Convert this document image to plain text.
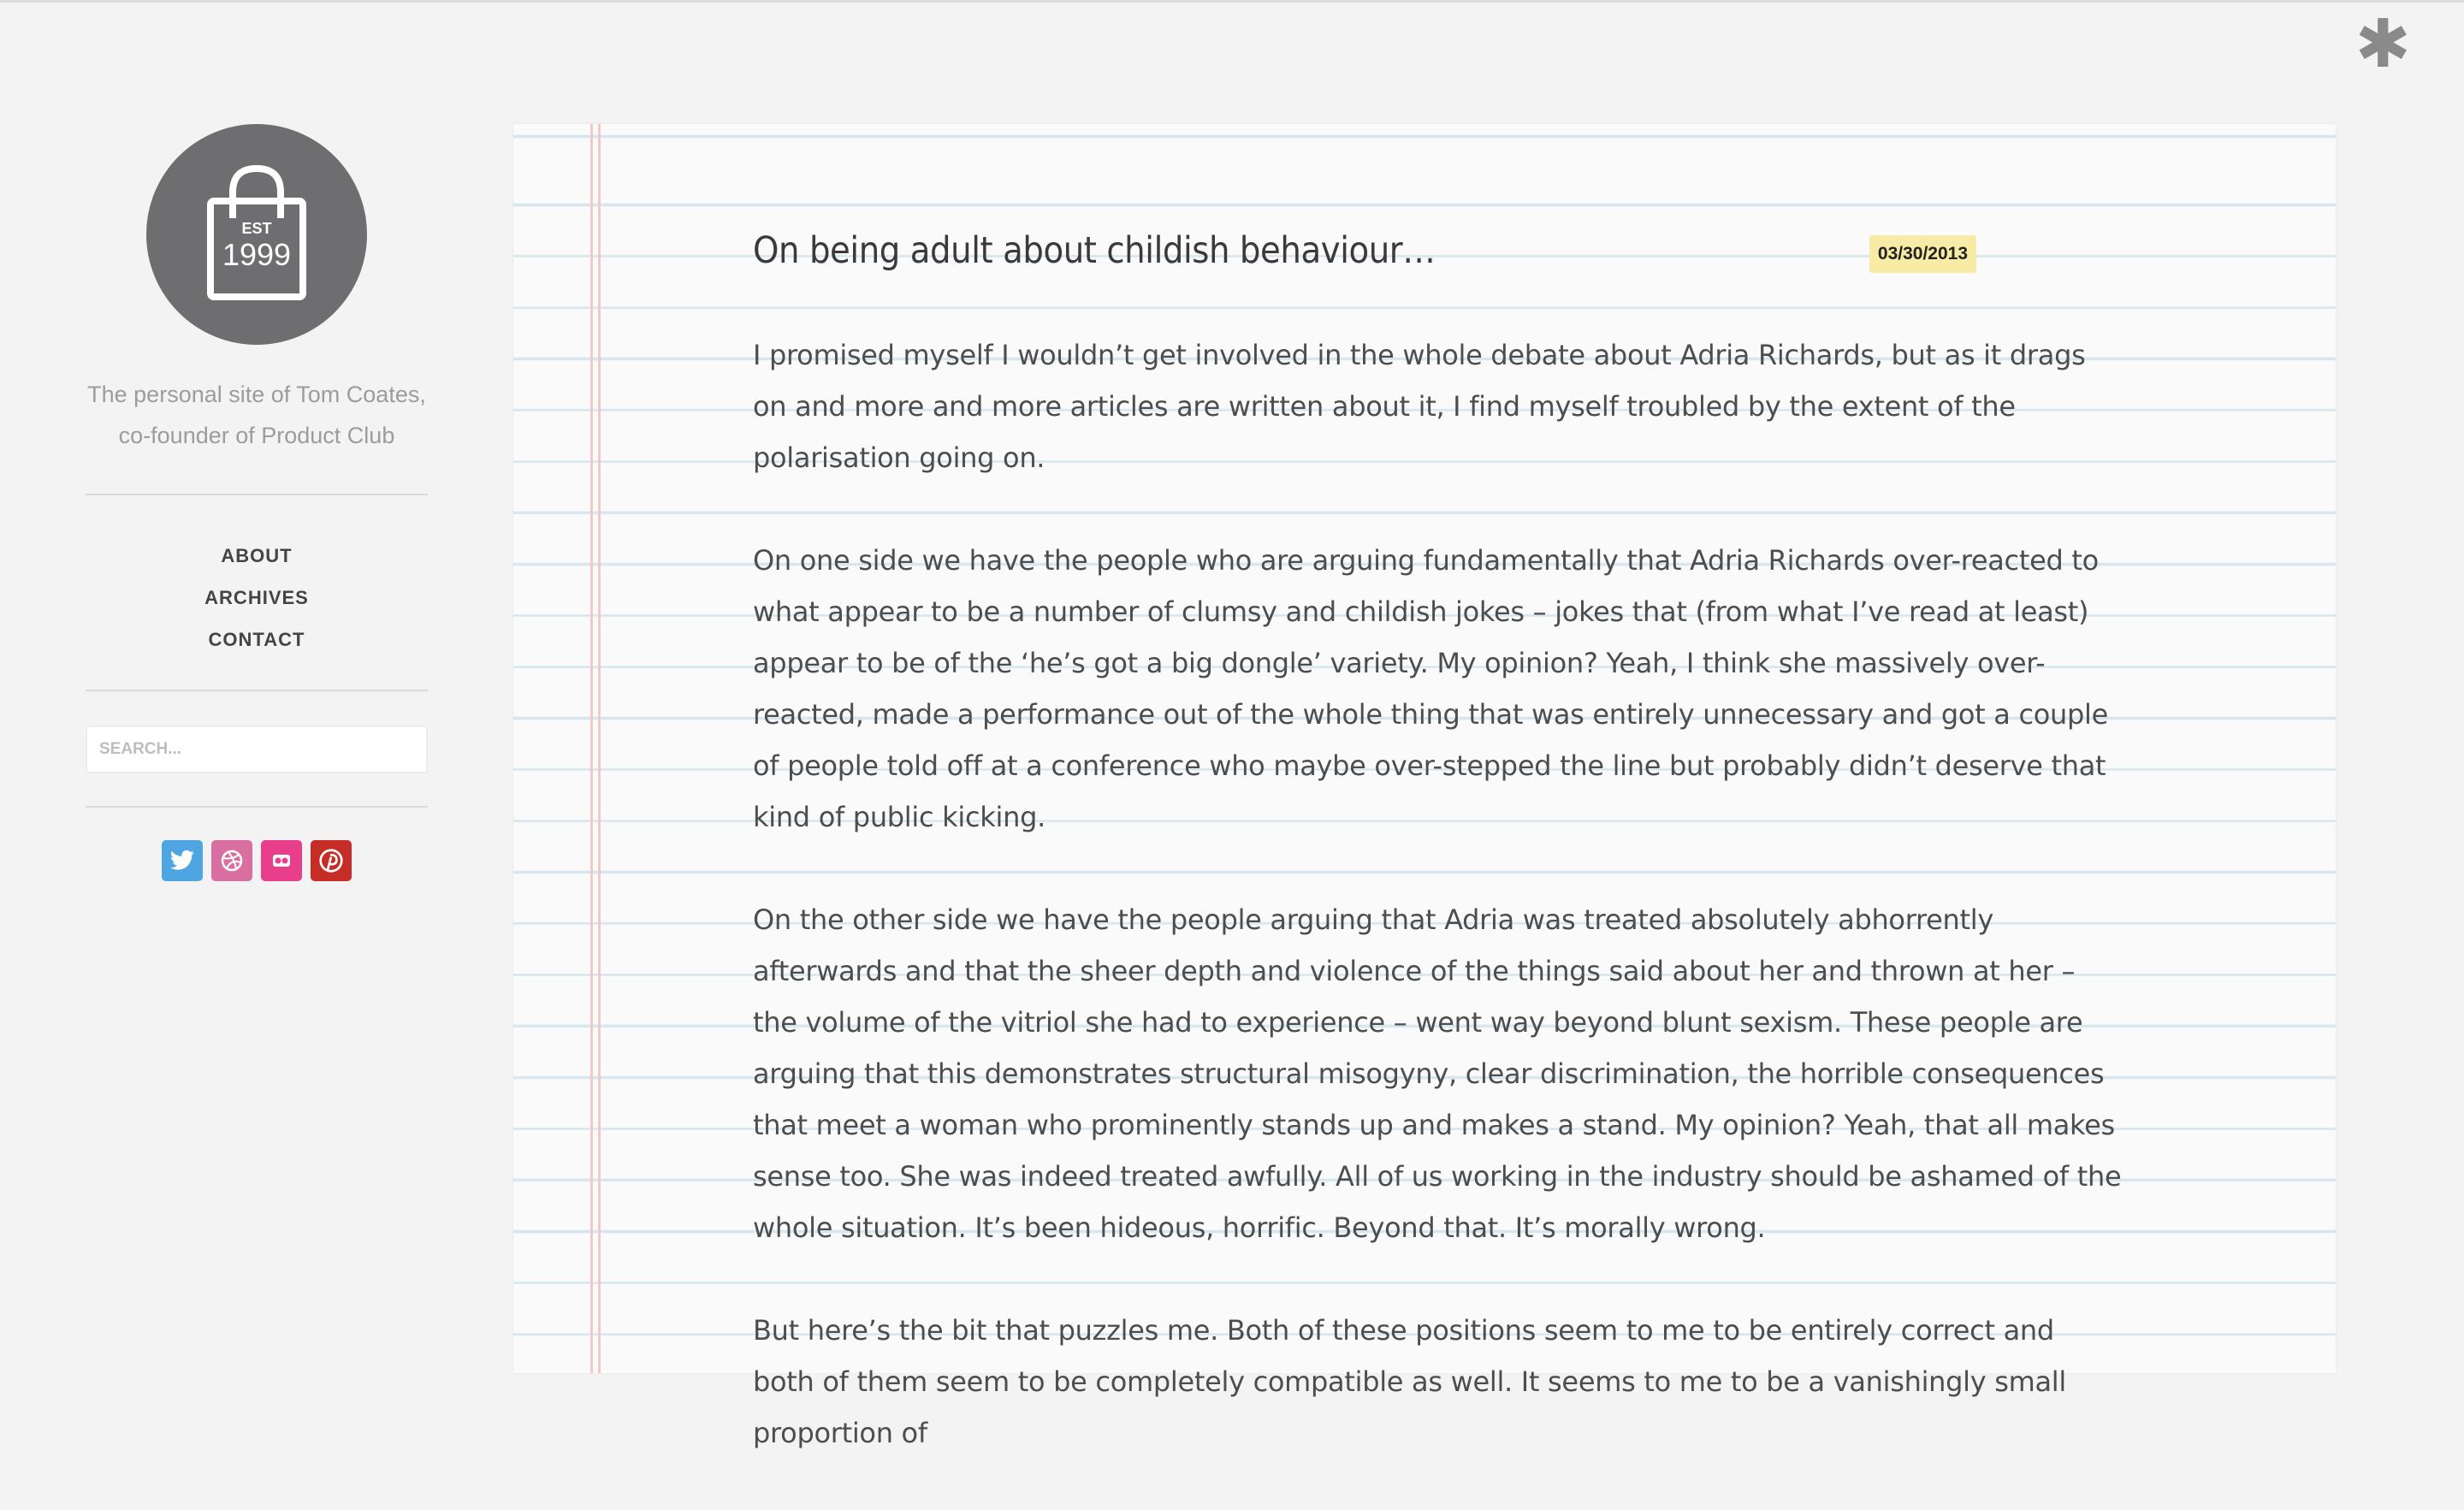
✱
EST
1999
The personal site of Tom Coates,
co-founder of Product Club
ABOUT
ARCHIVES
CONTACT
SEARCH...
On being adult about childish behaviour…	03/30/2013

I promised myself I wouldn’t get involved in the whole debate about Adria Richards, but as it drags on and more and more articles are written about it, I find myself troubled by the extent of the polarisation going on.

On one side we have the people who are arguing fundamentally that Adria Richards over-reacted to what appear to be a number of clumsy and childish jokes – jokes that (from what I’ve read at least) appear to be of the ‘he’s got a big dongle’ variety. My opinion? Yeah, I think she massively over-reacted, made a performance out of the whole thing that was entirely unnecessary and got a couple of people told off at a conference who maybe over-stepped the line but probably didn’t deserve that kind of public kicking.

On the other side we have the people arguing that Adria was treated absolutely abhorrently afterwards and that the sheer depth and violence of the things said about her and thrown at her – the volume of the vitriol she had to experience – went way beyond blunt sexism. These people are arguing that this demonstrates structural misogyny, clear discrimination, the horrible consequences that meet a woman who prominently stands up and makes a stand. My opinion? Yeah, that all makes sense too. She was indeed treated awfully. All of us working in the industry should be ashamed of the whole situation. It’s been hideous, horrific. Beyond that. It’s morally wrong.

But here’s the bit that puzzles me. Both of these positions seem to me to be entirely correct and both of them seem to be completely compatible as well. It seems to me to be a vanishingly small proportion of
